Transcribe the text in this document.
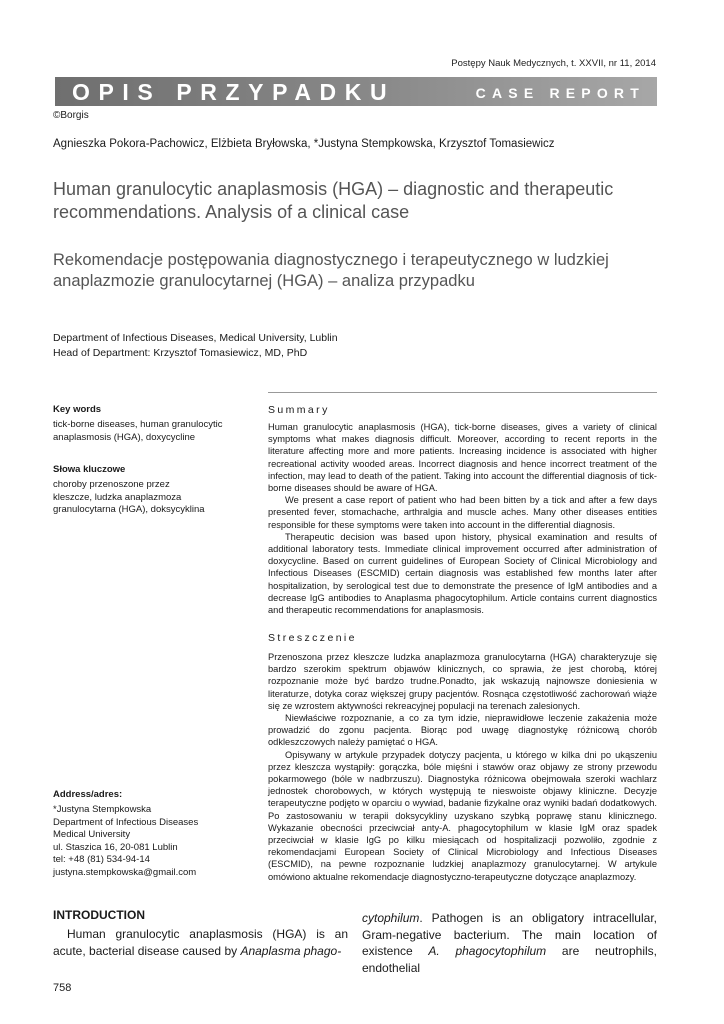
Postępy Nauk Medycznych, t. XXVII, nr 11, 2014
OPIS PRZYPADKU	CASE REPORT
©Borgis
Agnieszka Pokora-Pachowicz, Elżbieta Bryłowska, *Justyna Stempkowska, Krzysztof Tomasiewicz
Human granulocytic anaplasmosis (HGA) – diagnostic and therapeutic recommendations. Analysis of a clinical case
Rekomendacje postępowania diagnostycznego i terapeutycznego w ludzkiej anaplazmozie granulocytarnej (HGA) – analiza przypadku
Department of Infectious Diseases, Medical University, Lublin
Head of Department: Krzysztof Tomasiewicz, MD, PhD
Key words
tick-borne diseases, human granulocytic
anaplasmosis (HGA), doxycycline
Słowa kluczowe
choroby przenoszone przez
kleszcze, ludzka anaplazmoza
granulocytarna (HGA), doksycyklina
Address/adres:
*Justyna Stempkowska
Department of Infectious Diseases
Medical University
ul. Staszica 16, 20-081 Lublin
tel: +48 (81) 534-94-14
justyna.stempkowska@gmail.com
Summary

Human granulocytic anaplasmosis (HGA), tick-borne diseases, gives a variety of clinical symptoms what makes diagnosis difficult. Moreover, according to recent reports in the literature affecting more and more patients. Increasing incidence is associated with higher recreational activity wooded areas. Incorrect diagnosis and hence incorrect treatment of the infection, may lead to death of the patient. Taking into account the differential diagnosis of tick-borne diseases should be aware of HGA.

We present a case report of patient who had been bitten by a tick and after a few days presented fever, stomachache, arthralgia and muscle aches. Many other diseases entities responsible for these symptoms were taken into account in the differential diagnosis.

Therapeutic decision was based upon history, physical examination and results of additional laboratory tests. Immediate clinical improvement occurred after administration of doxycycline. Based on current guidelines of European Society of Clinical Microbiology and Infectious Diseases (ESCMID) certain diagnosis was established few months later after hospitalization, by serological test due to demonstrate the presence of IgM antibodies and a decrease IgG antibodies to Anaplasma phagocytophilum. Article contains current diagnostics and therapeutic recommendations for anaplasmosis.

Streszczenie

Przenoszona przez kleszcze ludzka anaplazmoza granulocytarna (HGA) charakteryzuje się bardzo szerokim spektrum objawów klinicznych, co sprawia, że jest chorobą, której rozpoznanie może być bardzo trudne.Ponadto, jak wskazują najnowsze doniesienia w literaturze, dotyka coraz większej grupy pacjentów. Rosnąca częstotliwość zachorowań wiąże się ze wzrostem aktywności rekreacyjnej populacji na terenach zalesionych.

Niewłaściwe rozpoznanie, a co za tym idzie, nieprawidłowe leczenie zakażenia może prowadzić do zgonu pacjenta. Biorąc pod uwagę diagnostykę różnicową chorób odkleszczowych należy pamiętać o HGA.

Opisywany w artykule przypadek dotyczy pacjenta, u którego w kilka dni po ukąszeniu przez kleszcza wystąpiły: gorączka, bóle mięśni i stawów oraz objawy ze strony przewodu pokarmowego (bóle w nadbrzuszu). Diagnostyka różnicowa obejmowała szeroki wachlarz jednostek chorobowych, w których występują te nieswoiste objawy kliniczne. Decyzje terapeutyczne podjęto w oparciu o wywiad, badanie fizykalne oraz wyniki badań dodatkowych. Po zastosowaniu w terapii doksycykliny uzyskano szybką poprawę stanu klinicznego. Wykazanie obecności przeciwciał anty-A. phagocytophilum w klasie IgM oraz spadek przeciwciał w klasie IgG po kilku miesiącach od hospitalizacji pozwoliło, zgodnie z rekomendacjami European Society of Clinical Microbiology and Infectious Diseases (ESCMID), na pewne rozpoznanie ludzkiej anaplazmozy granulocytarnej. W artykule omówiono aktualne rekomendacje diagnostyczno-terapeutyczne dotyczące anaplazmozy.

INTRODUCTION
Human granulocytic anaplasmosis (HGA) is an acute, bacterial disease caused by Anaplasma phago-
cytophilum. Pathogen is an obligatory intracellular, Gram-negative bacterium. The main location of existence A. phagocytophilum are neutrophils, endothelial
758
